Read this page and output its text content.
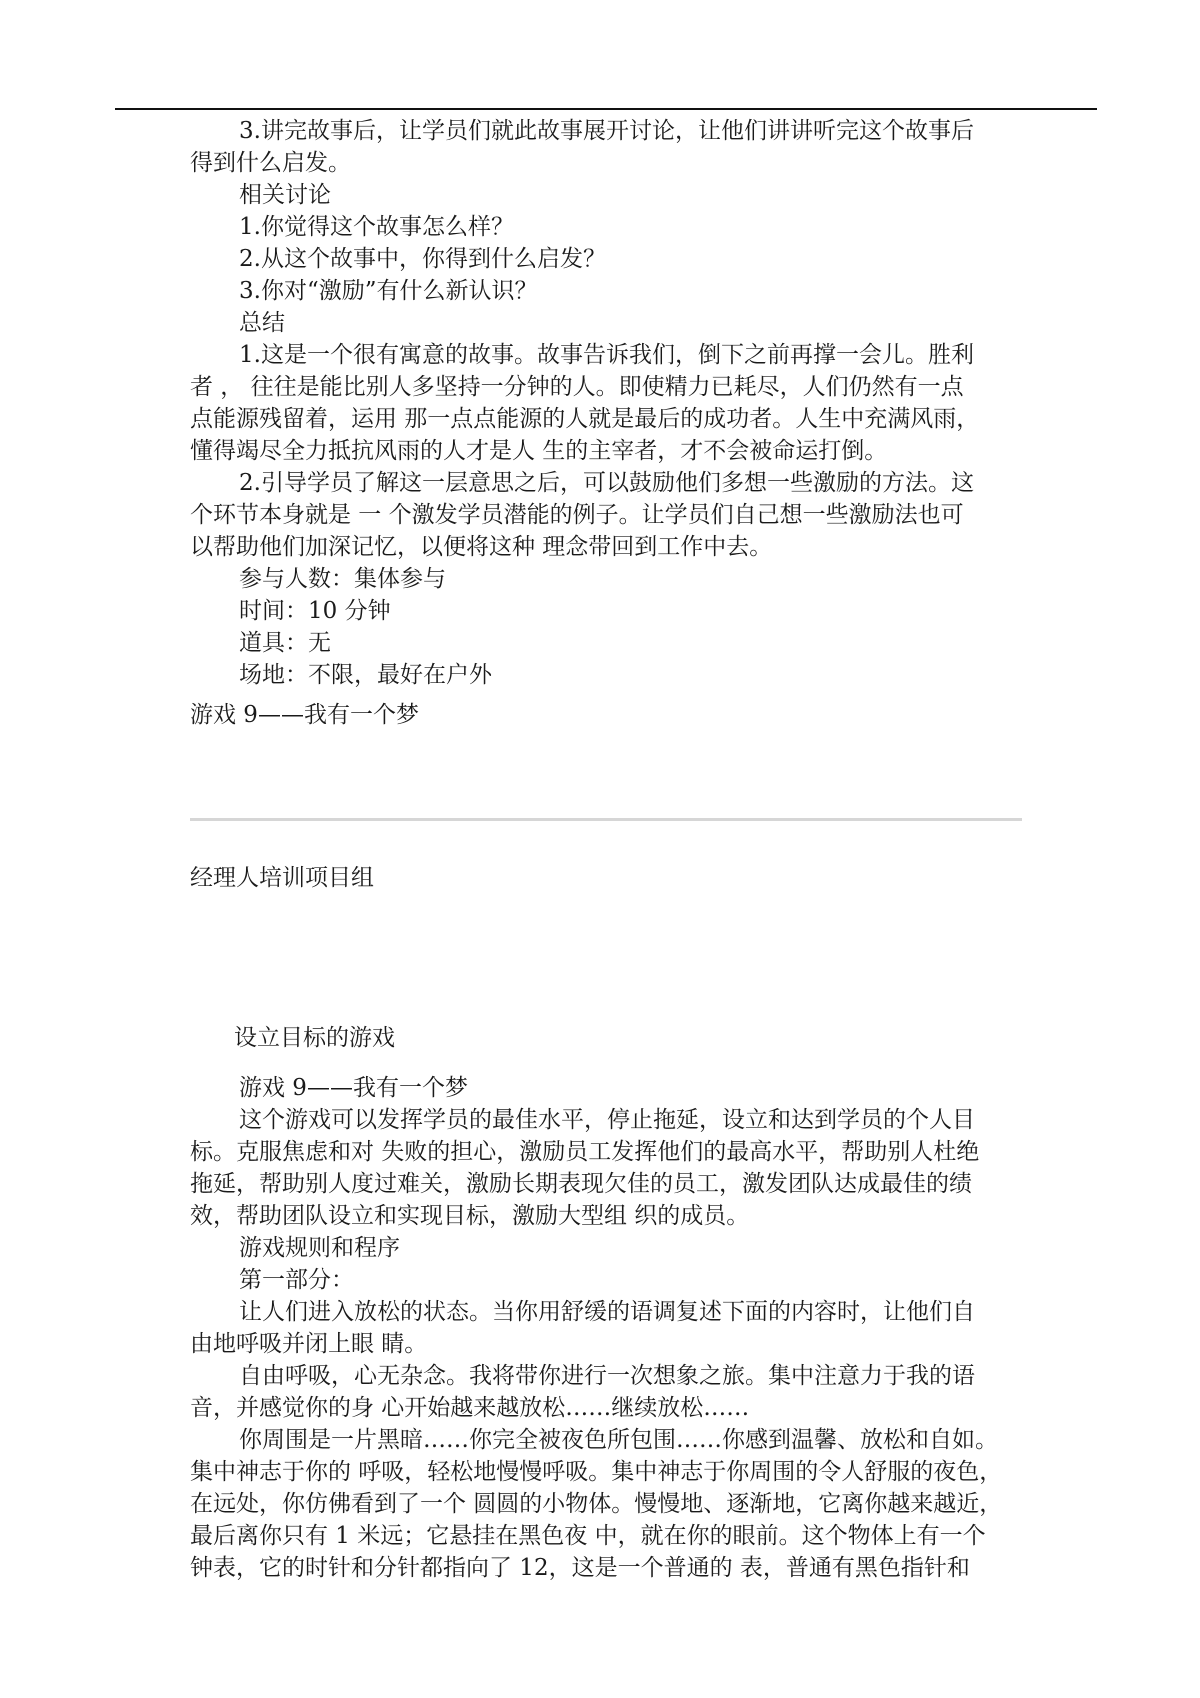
3.讲完故事后，让学员们就此故事展开讨论，让他们讲讲听完这个故事后
得到什么启发。
相关讨论
1.你觉得这个故事怎么样？
2.从这个故事中，你得到什么启发？
3.你对“激励”有什么新认识？
总结
1.这是一个很有寓意的故事。故事告诉我们，倒下之前再撑一会儿。胜利
者 ， 往往是能比别人多坚持一分钟的人。即使精力已耗尽，人们仍然有一点
点能源残留着，运用 那一点点能源的人就是最后的成功者。人生中充满风雨，
懂得竭尽全力抵抗风雨的人才是人 生的主宰者，才不会被命运打倒。
2.引导学员了解这一层意思之后，可以鼓励他们多想一些激励的方法。这
个环节本身就是 一 个激发学员潜能的例子。让学员们自己想一些激励法也可
以帮助他们加深记忆，以便将这种 理念带回到工作中去。
参与人数：集体参与
时间：10 分钟
道具：无
场地：不限，最好在户外
游戏 9——我有一个梦
经理人培训项目组
设立目标的游戏
游戏 9——我有一个梦
这个游戏可以发挥学员的最佳水平，停止拖延，设立和达到学员的个人目
标。克服焦虑和对 失败的担心，激励员工发挥他们的最高水平，帮助别人杜绝
拖延，帮助别人度过难关，激励长期表现欠佳的员工，激发团队达成最佳的绩
效，帮助团队设立和实现目标，激励大型组 织的成员。
游戏规则和程序
第一部分：
让人们进入放松的状态。当你用舒缓的语调复述下面的内容时，让他们自
由地呼吸并闭上眼 睛。
自由呼吸，心无杂念。我将带你进行一次想象之旅。集中注意力于我的语
音，并感觉你的身 心开始越来越放松……继续放松……
你周围是一片黑暗……你完全被夜色所包围……你感到温馨、放松和自如。
集中神志于你的 呼吸，轻松地慢慢呼吸。集中神志于你周围的令人舒服的夜色，
在远处，你仿佛看到了一个 圆圆的小物体。慢慢地、逐渐地，它离你越来越近，
最后离你只有 1 米远；它悬挂在黑色夜 中，就在你的眼前。这个物体上有一个
钟表，它的时针和分针都指向了 12，这是一个普通的 表，普通有黑色指针和
